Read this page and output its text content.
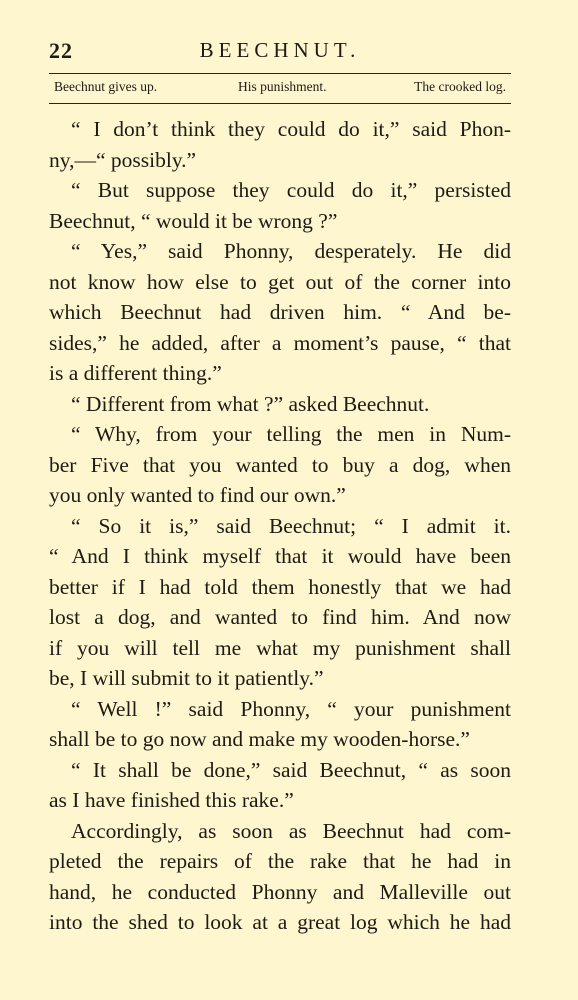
22	BEECHNUT.
Beechnut gives up.	His punishment.	The crooked log.
“ I don’t think they could do it,” said Phon-
ny,—“ possibly.”
“ But suppose they could do it,” persisted
Beechnut, “ would it be wrong ?”
“ Yes,” said Phonny, desperately. He did
not know how else to get out of the corner into
which Beechnut had driven him. “ And be-
sides,” he added, after a moment’s pause, “ that
is a different thing.”
“ Different from what ?” asked Beechnut.
“ Why, from your telling the men in Num-
ber Five that you wanted to buy a dog, when
you only wanted to find our own.”
“ So it is,” said Beechnut; “ I admit it.
“ And I think myself that it would have been
better if I had told them honestly that we had
lost a dog, and wanted to find him. And now
if you will tell me what my punishment shall
be, I will submit to it patiently.”
“ Well !” said Phonny, “ your punishment
shall be to go now and make my wooden-horse.”
“ It shall be done,” said Beechnut, “ as soon
as I have finished this rake.”
Accordingly, as soon as Beechnut had com-
pleted the repairs of the rake that he had in
hand, he conducted Phonny and Malleville out
into the shed to look at a great log which he had
